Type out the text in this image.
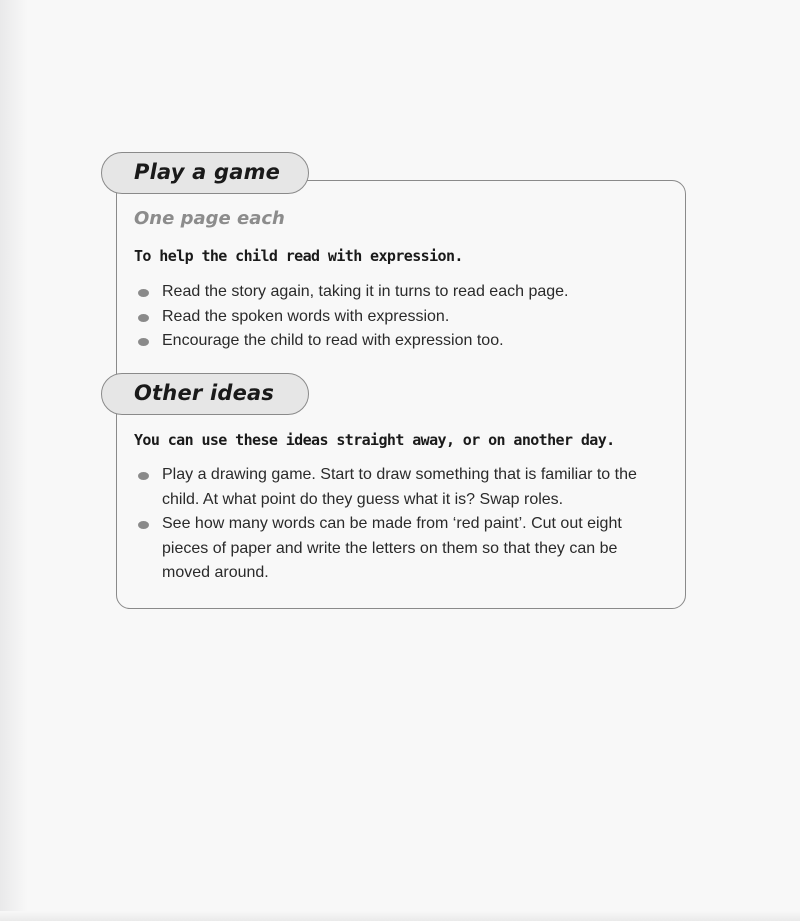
Play a game
One page each
To help the child read with expression.
Read the story again, taking it in turns to read each page.
Read the spoken words with expression.
Encourage the child to read with expression too.
Other ideas
You can use these ideas straight away, or on another day.
Play a drawing game. Start to draw something that is familiar to the child. At what point do they guess what it is? Swap roles.
See how many words can be made from ‘red paint’. Cut out eight pieces of paper and write the letters on them so that they can be moved around.
